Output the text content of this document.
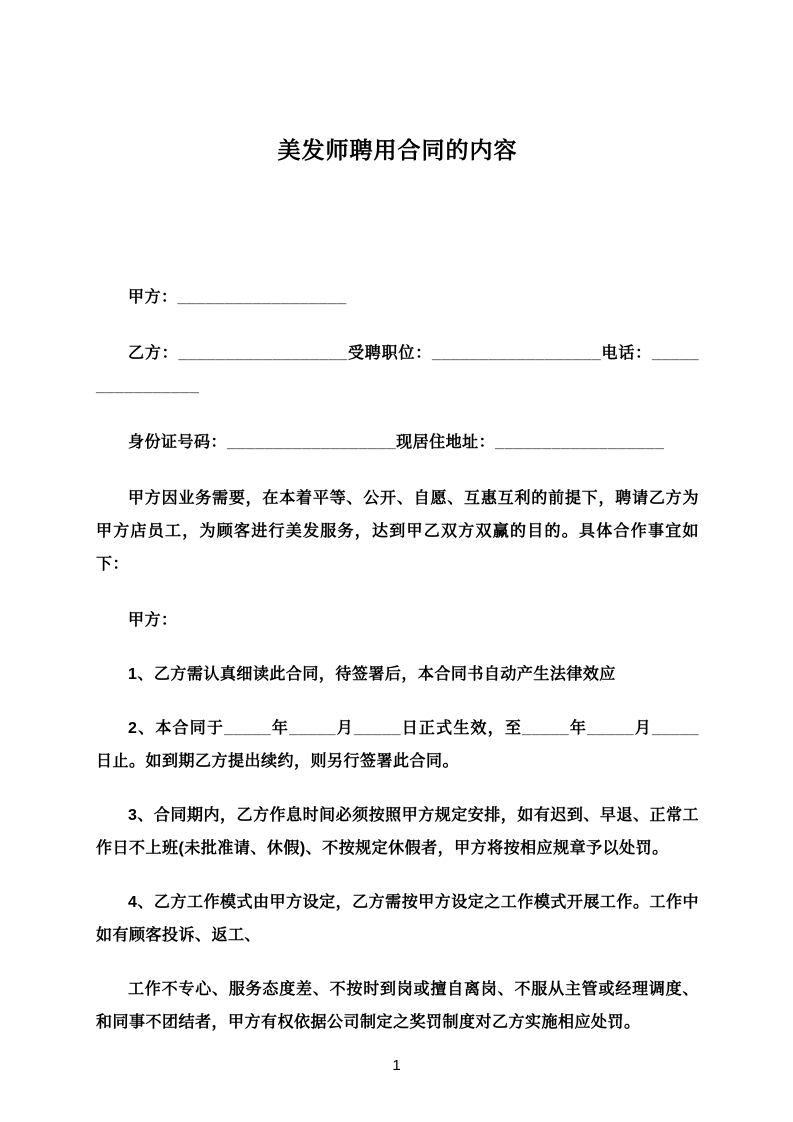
美发师聘用合同的内容

甲方：__________________

乙方：__________________受聘职位：__________________电话：________________

身份证号码：__________________现居住地址：__________________

甲方因业务需要，在本着平等、公开、自愿、互惠互利的前提下，聘请乙方为甲方店员工，为顾客进行美发服务，达到甲乙双方双赢的目的。具体合作事宜如下：

甲方：

1、乙方需认真细读此合同，待签署后，本合同书自动产生法律效应

2、本合同于_____年_____月_____日正式生效，至_____年_____月_____日止。如到期乙方提出续约，则另行签署此合同。

3、合同期内，乙方作息时间必须按照甲方规定安排，如有迟到、早退、正常工作日不上班(未批准请、休假)、不按规定休假者，甲方将按相应规章予以处罚。

4、乙方工作模式由甲方设定，乙方需按甲方设定之工作模式开展工作。工作中如有顾客投诉、返工、

工作不专心、服务态度差、不按时到岗或擅自离岗、不服从主管或经理调度、和同事不团结者，甲方有权依据公司制定之奖罚制度对乙方实施相应处罚。

1
